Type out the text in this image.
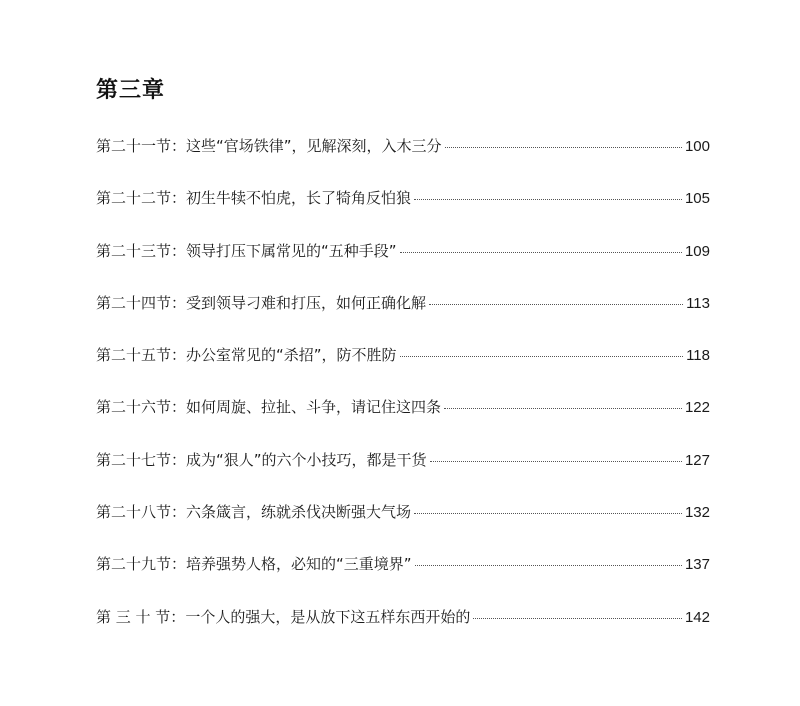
第三章
第二十一节： 这些“官场铁律”，见解深刻，入木三分	100
第二十二节： 初生牛犊不怕虎，长了犄角反怕狼	105
第二十三节： 领导打压下属常见的“五种手段”	109
第二十四节： 受到领导刁难和打压，如何正确化解	113
第二十五节： 办公室常见的“杀招”，防不胜防	118
第二十六节： 如何周旋、拉扯、斗争，请记住这四条	122
第二十七节： 成为“狠人”的六个小技巧，都是干货	127
第二十八节： 六条箴言，练就杀伐决断强大气场	132
第二十九节： 培养强势人格，必知的“三重境界”	137
第 三 十 节： 一个人的强大，是从放下这五样东西开始的	142
